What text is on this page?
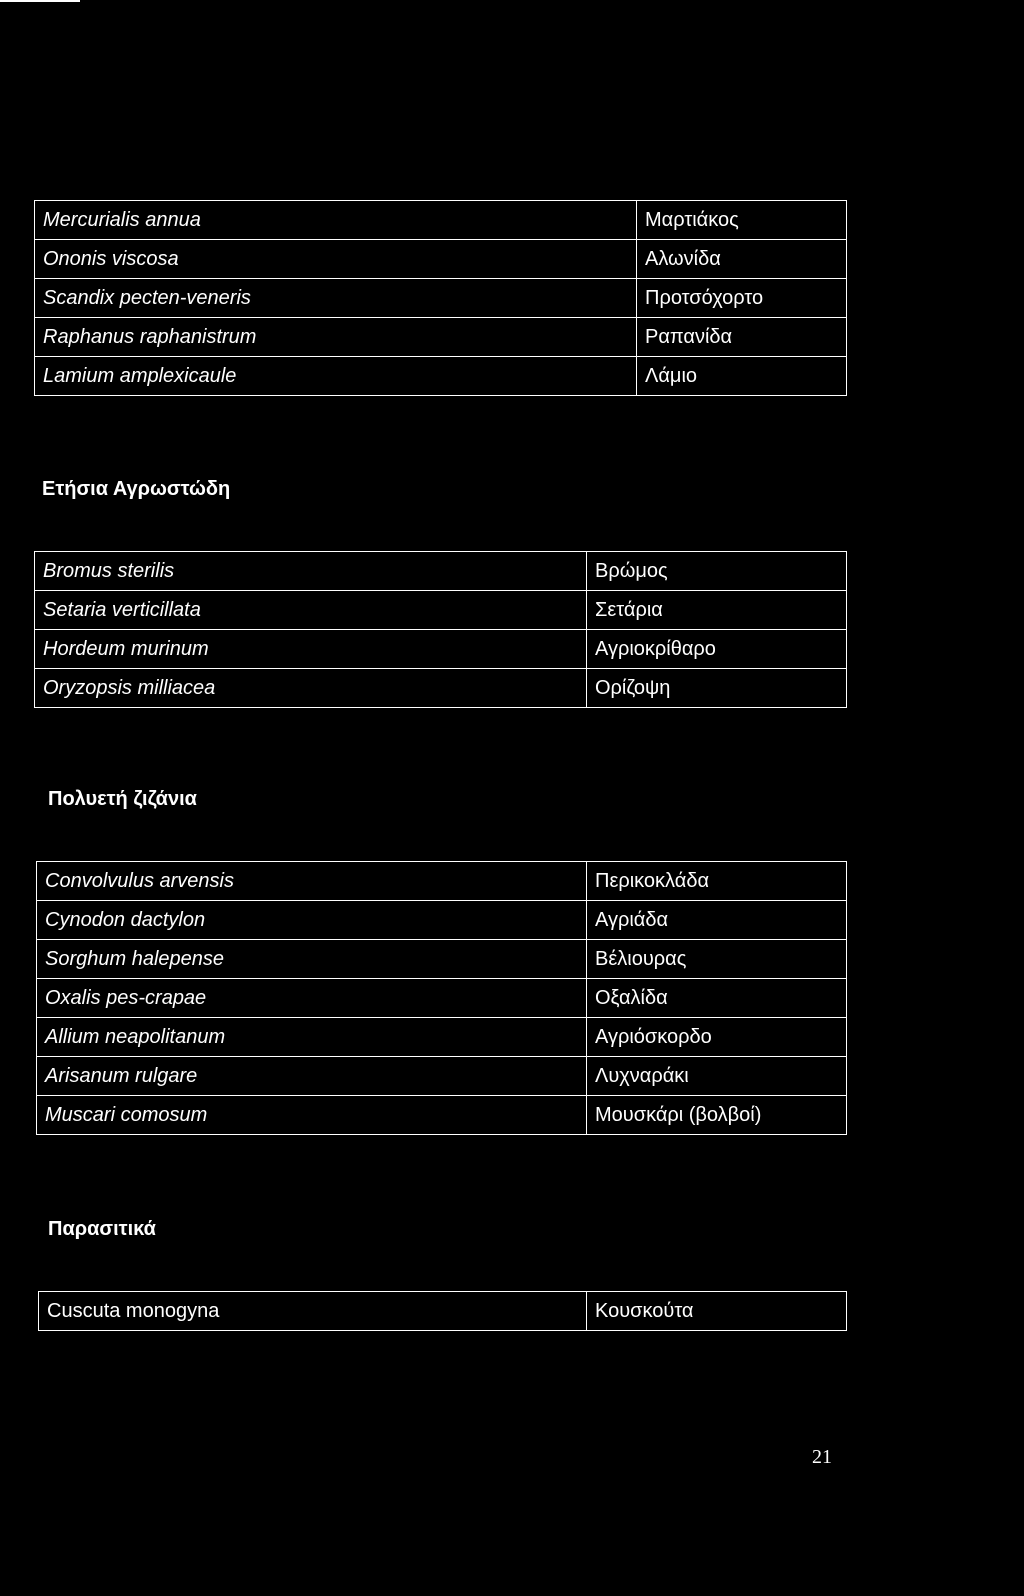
Mercurialis annua	Μαρτιάκος
Ononis viscosa	Αλωνίδα
Scandix pecten-veneris	Προτσόχορτο
Raphanus raphanistrum	Ραπανίδα
Lamium amplexicaule	Λάμιο
Ετήσια Αγρωστώδη
Bromus sterilis	Βρώμος
Setaria verticillata	Σετάρια
Hordeum murinum	Αγριοκρίθαρο
Oryzopsis milliacea	Ορίζοψη
Πολυετή ζιζάνια
Convolvulus arvensis	Περικοκλάδα
Cynodon dactylon	Αγριάδα
Sorghum halepense	Βέλιουρας
Oxalis pes-crapae	Οξαλίδα
Allium neapolitanum	Αγριόσκορδο
Arisanum rulgare	Λυχναράκι
Muscari comosum	Μουσκάρι (βολβοί)
Παρασιτικά
Cuscuta monogyna	Κουσκούτα
21
